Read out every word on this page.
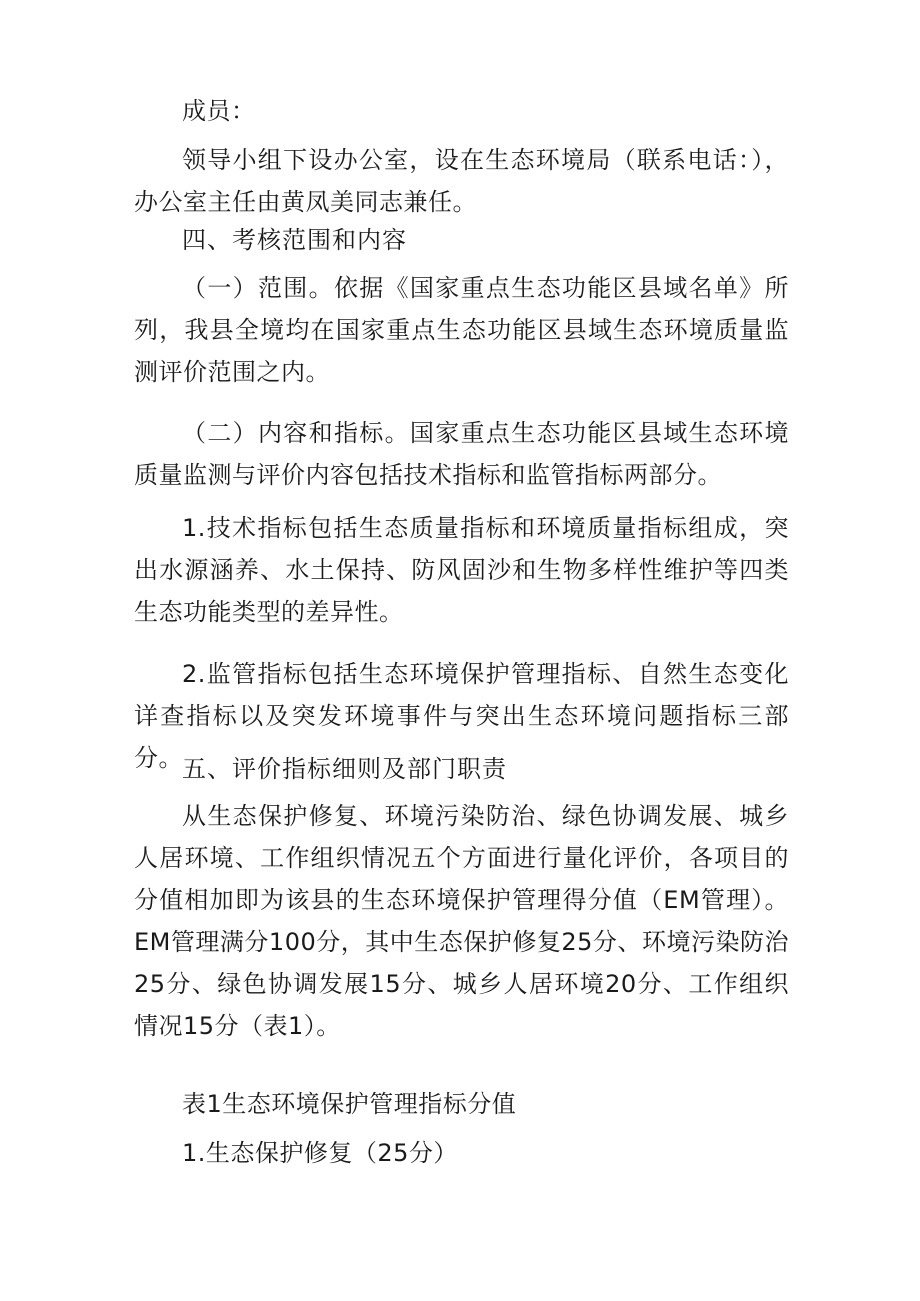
成员：

领导小组下设办公室，设在生态环境局（联系电话：），办公室主任由黄凤美同志兼任。

四、考核范围和内容

（一）范围。依据《国家重点生态功能区县域名单》所列，我县全境均在国家重点生态功能区县域生态环境质量监测评价范围之内。

（二）内容和指标。国家重点生态功能区县域生态环境质量监测与评价内容包括技术指标和监管指标两部分。

1.技术指标包括生态质量指标和环境质量指标组成，突出水源涵养、水土保持、防风固沙和生物多样性维护等四类生态功能类型的差异性。

2.监管指标包括生态环境保护管理指标、自然生态变化详查指标以及突发环境事件与突出生态环境问题指标三部分。 五、评价指标细则及部门职责

从生态保护修复、环境污染防治、绿色协调发展、城乡人居环境、工作组织情况五个方面进行量化评价，各项目的分值相加即为该县的生态环境保护管理得分值（EM管理）。EM管理满分100分，其中生态保护修复25分、环境污染防治25分、绿色协调发展15分、城乡人居环境20分、工作组织情况15分（表1）。

表1生态环境保护管理指标分值

1.生态保护修复（25分）
